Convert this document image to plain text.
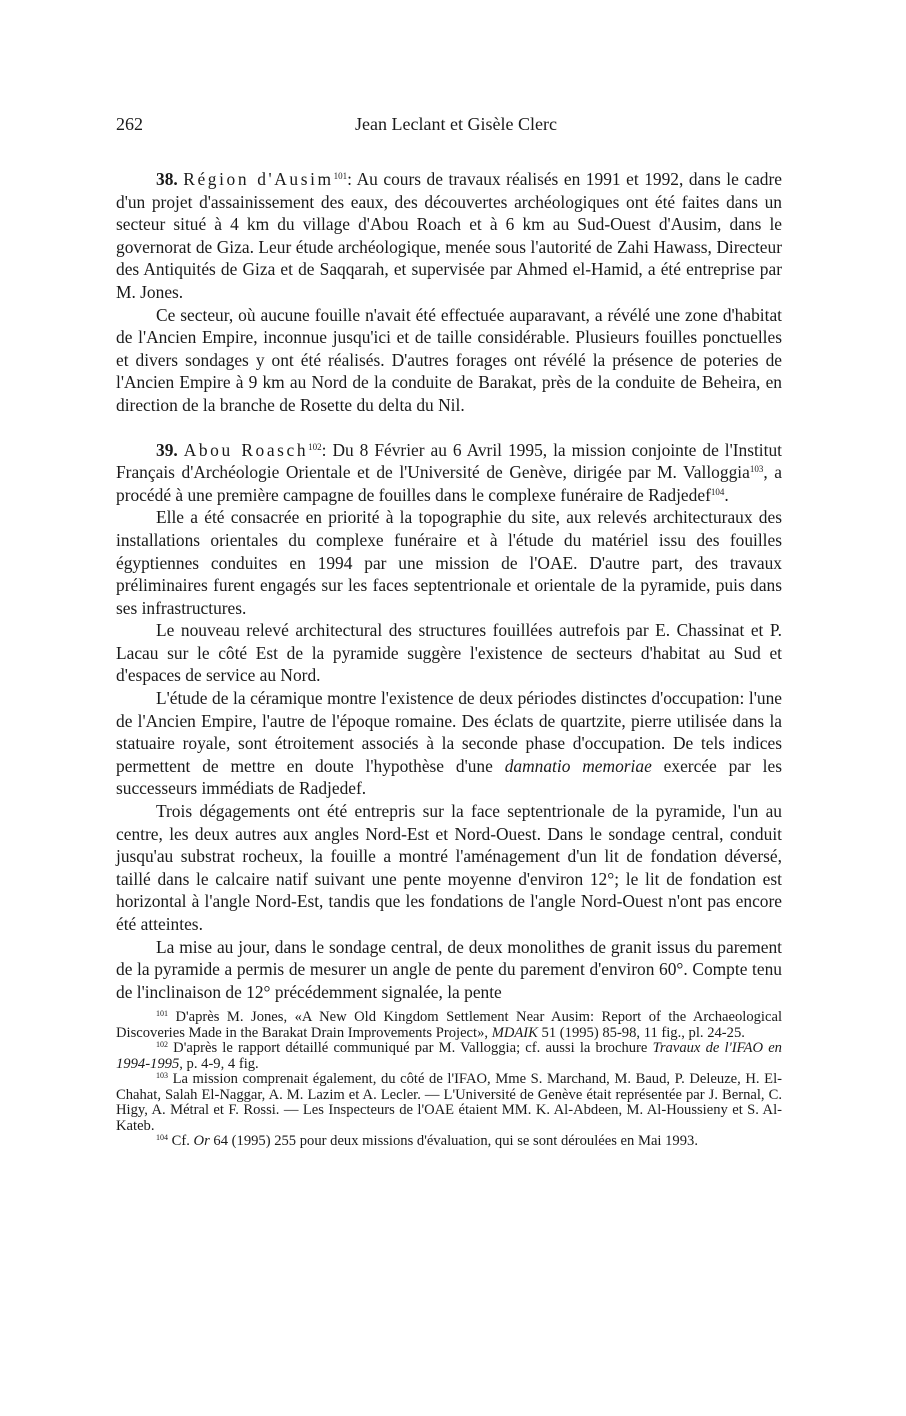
262	Jean Leclant et Gisèle Clerc

38. Région d'Ausim$^{101}$: Au cours de travaux réalisés en 1991 et 1992, dans le cadre d'un projet d'assainissement des eaux, des découvertes archéologiques ont été faites dans un secteur situé à 4 km du village d'Abou Roach et à 6 km au Sud-Ouest d'Ausim, dans le governorat de Giza. Leur étude archéologique, menée sous l'autorité de Zahi Hawass, Directeur des Antiquités de Giza et de Saqqarah, et supervisée par Ahmed el-Hamid, a été entreprise par M. Jones.

Ce secteur, où aucune fouille n'avait été effectuée auparavant, a révélé une zone d'habitat de l'Ancien Empire, inconnue jusqu'ici et de taille considérable. Plusieurs fouilles ponctuelles et divers sondages y ont été réalisés. D'autres forages ont révélé la présence de poteries de l'Ancien Empire à 9 km au Nord de la conduite de Barakat, près de la conduite de Beheira, en direction de la branche de Rosette du delta du Nil.

39. Abou Roasch$^{102}$: Du 8 Février au 6 Avril 1995, la mission conjointe de l'Institut Français d'Archéologie Orientale et de l'Université de Genève, dirigée par M. Valloggia$^{103}$, a procédé à une première campagne de fouilles dans le complexe funéraire de Radjedef$^{104}$.

Elle a été consacrée en priorité à la topographie du site, aux relevés architecturaux des installations orientales du complexe funéraire et à l'étude du matériel issu des fouilles égyptiennes conduites en 1994 par une mission de l'OAE. D'autre part, des travaux préliminaires furent engagés sur les faces septentrionale et orientale de la pyramide, puis dans ses infrastructures.

Le nouveau relevé architectural des structures fouillées autrefois par E. Chassinat et P. Lacau sur le côté Est de la pyramide suggère l'existence de secteurs d'habitat au Sud et d'espaces de service au Nord.

L'étude de la céramique montre l'existence de deux périodes distinctes d'occupation: l'une de l'Ancien Empire, l'autre de l'époque romaine. Des éclats de quartzite, pierre utilisée dans la statuaire royale, sont étroitement associés à la seconde phase d'occupation. De tels indices permettent de mettre en doute l'hypothèse d'une damnatio memoriae exercée par les successeurs immédiats de Radjedef.

Trois dégagements ont été entrepris sur la face septentrionale de la pyramide, l'un au centre, les deux autres aux angles Nord-Est et Nord-Ouest. Dans le sondage central, conduit jusqu'au substrat rocheux, la fouille a montré l'aménagement d'un lit de fondation déversé, taillé dans le calcaire natif suivant une pente moyenne d'environ 12°; le lit de fondation est horizontal à l'angle Nord-Est, tandis que les fondations de l'angle Nord-Ouest n'ont pas encore été atteintes.

La mise au jour, dans le sondage central, de deux monolithes de granit issus du parement de la pyramide a permis de mesurer un angle de pente du parement d'environ 60°. Compte tenu de l'inclinaison de 12° précédemment signalée, la pente

$^{101}$ D'après M. Jones, «A New Old Kingdom Settlement Near Ausim: Report of the Archaeological Discoveries Made in the Barakat Drain Improvements Project», MDAIK 51 (1995) 85-98, 11 fig., pl. 24-25.

$^{102}$ D'après le rapport détaillé communiqué par M. Valloggia; cf. aussi la brochure Travaux de l'IFAO en 1994-1995, p. 4-9, 4 fig.

$^{103}$ La mission comprenait également, du côté de l'IFAO, Mme S. Marchand, M. Baud, P. Deleuze, H. El-Chahat, Salah El-Naggar, A. M. Lazim et A. Lecler. — L'Université de Genève était représentée par J. Bernal, C. Higy, A. Métral et F. Rossi. — Les Inspecteurs de l'OAE étaient MM. K. Al-Abdeen, M. Al-Houssieny et S. Al-Kateb.

$^{104}$ Cf. Or 64 (1995) 255 pour deux missions d'évaluation, qui se sont déroulées en Mai 1993.
